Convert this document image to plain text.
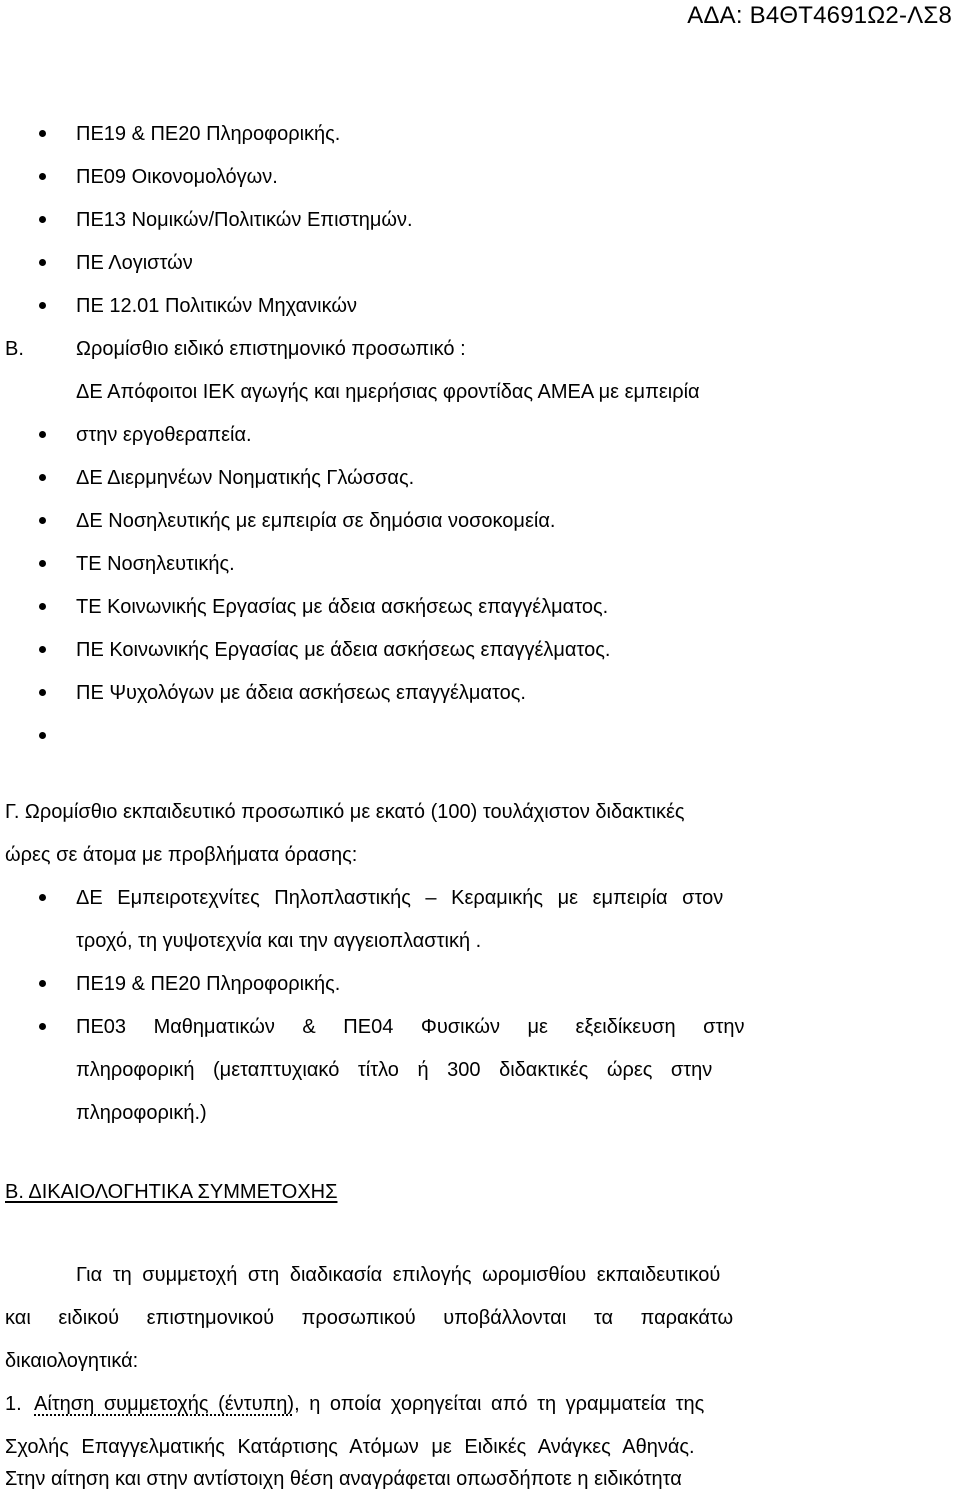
ΑΔΑ: Β4ΘΤ4691Ω2-ΛΣ8
ΠΕ19 & ΠΕ20 Πληροφορικής.
ΠΕ09 Οικονομολόγων.
ΠΕ13 Νομικών/Πολιτικών Επιστημών.
ΠΕ Λογιστών
ΠΕ 12.01 Πολιτικών Μηχανικών
Β.	Ωρομίσθιο ειδικό επιστημονικό προσωπικό :
ΔΕ Απόφοιτοι ΙΕΚ αγωγής και ημερήσιας φροντίδας ΑΜΕΑ με εμπειρία
στην εργοθεραπεία.
ΔΕ Διερμηνέων Νοηματικής Γλώσσας.
ΔΕ Νοσηλευτικής με εμπειρία σε δημόσια νοσοκομεία.
ΤΕ Νοσηλευτικής.
ΤΕ Κοινωνικής Εργασίας με άδεια ασκήσεως επαγγέλματος.
ΠΕ Κοινωνικής Εργασίας με άδεια ασκήσεως επαγγέλματος.
ΠΕ Ψυχολόγων με άδεια ασκήσεως επαγγέλματος.
Γ. Ωρομίσθιο εκπαιδευτικό προσωπικό με εκατό (100) τουλάχιστον διδακτικές
ώρες σε άτομα με προβλήματα όρασης:
ΔΕ Εμπειροτεχνίτες Πηλοπλαστικής – Κεραμικής με εμπειρία στον
τροχό, τη γυψοτεχνία και την αγγειοπλαστική .
ΠΕ19 & ΠΕ20 Πληροφορικής.
ΠΕ03 Μαθηματικών & ΠΕ04 Φυσικών με εξειδίκευση στην
πληροφορική (μεταπτυχιακό τίτλο ή 300 διδακτικές ώρες στην
πληροφορική.)
Β. ΔΙΚΑΙΟΛΟΓΗΤΙΚΑ ΣΥΜΜΕΤΟΧΗΣ
Για τη συμμετοχή στη διαδικασία επιλογής ωρομισθίου εκπαιδευτικού
και ειδικού επιστημονικού προσωπικού υποβάλλονται τα παρακάτω
δικαιολογητικά:
1. Αίτηση συμμετοχής (έντυπη), η οποία χορηγείται από τη γραμματεία της
Σχολής Επαγγελματικής Κατάρτισης Ατόμων με Ειδικές Ανάγκες Αθηνάς.
Στην αίτηση και στην αντίστοιχη θέση αναγράφεται οπωσδήποτε η ειδικότητα
